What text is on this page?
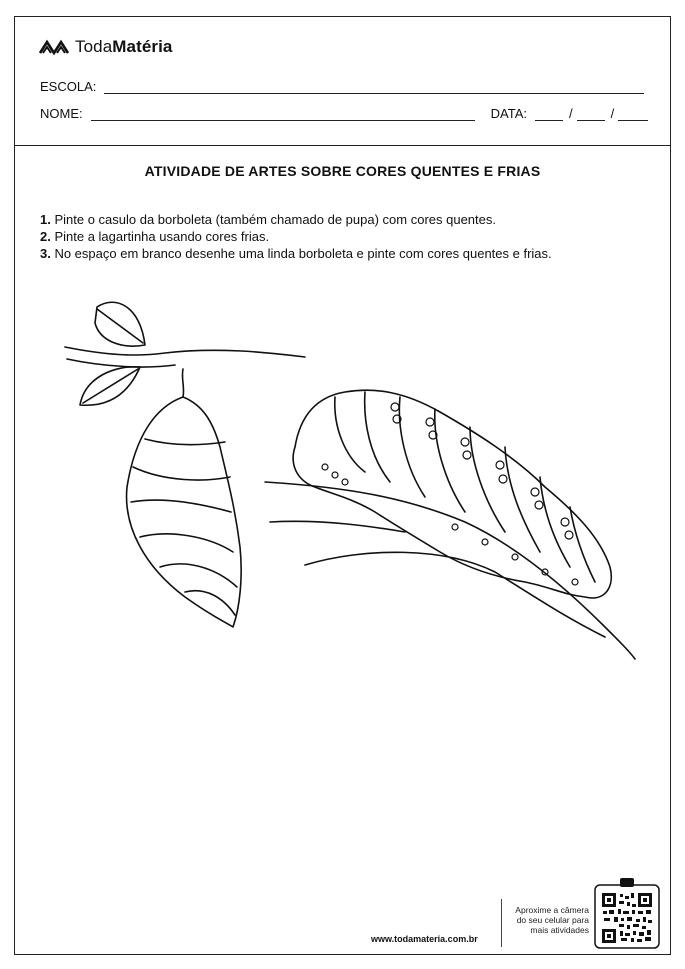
TodaMatéria
ESCOLA:
NOME:	DATA:	/	/
ATIVIDADE DE ARTES SOBRE CORES QUENTES E FRIAS
1. Pinte o casulo da borboleta (também chamado de pupa) com cores quentes.
2. Pinte a lagartinha usando cores frias.
3. No espaço em branco desenhe uma linda borboleta e pinte com cores quentes e frias.
www.todamateria.com.br
Aproxime a câmera do seu celular para mais atividades
